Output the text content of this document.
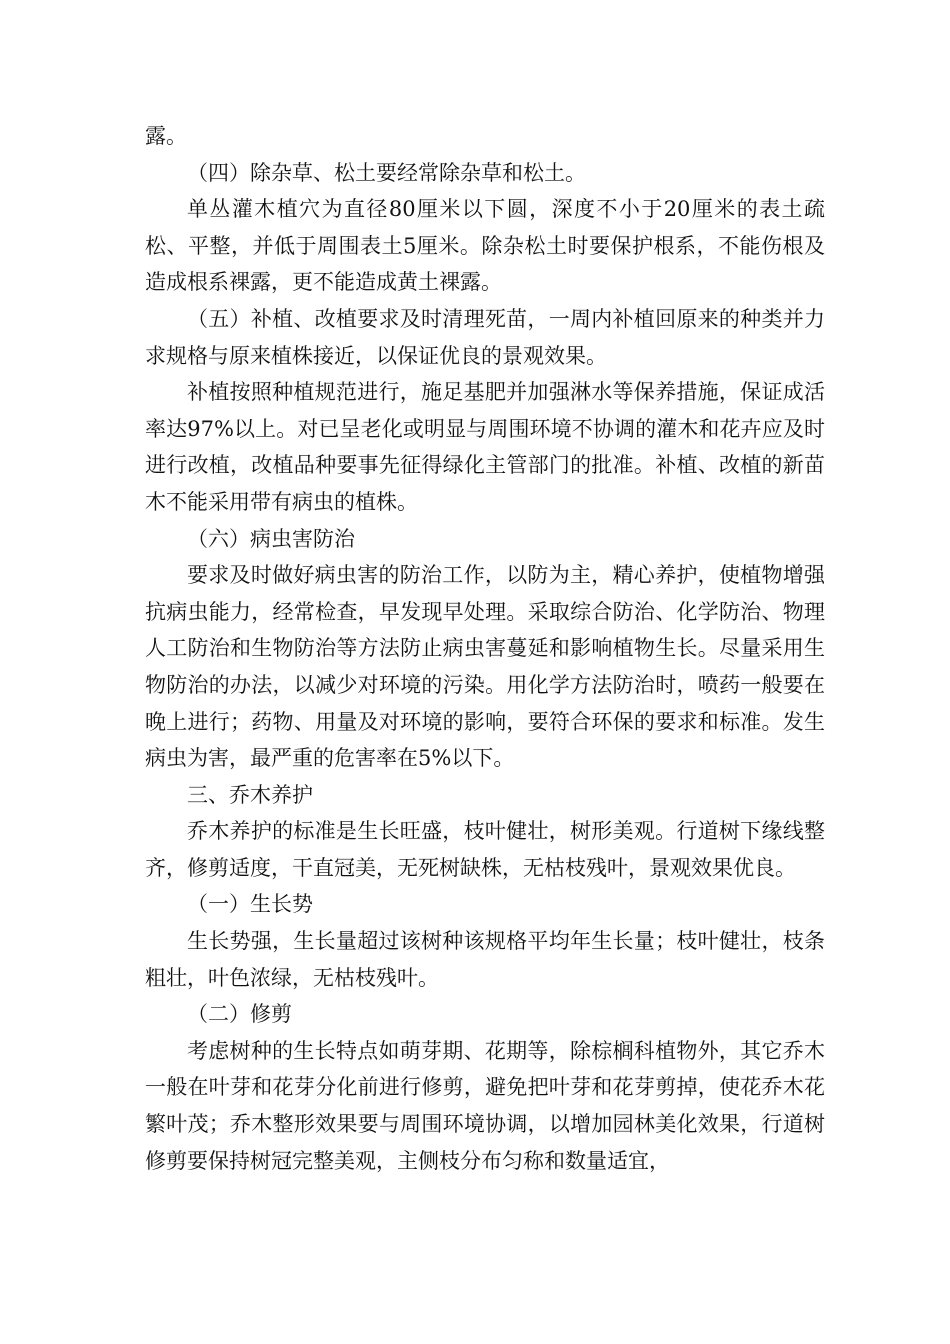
露。

（四）除杂草、松土要经常除杂草和松土。

单丛灌木植穴为直径80厘米以下圆，深度不小于20厘米的表土疏松、平整，并低于周围表土5厘米。除杂松土时要保护根系，不能伤根及造成根系裸露，更不能造成黄土裸露。

（五）补植、改植要求及时清理死苗，一周内补植回原来的种类并力求规格与原来植株接近，以保证优良的景观效果。

补植按照种植规范进行，施足基肥并加强淋水等保养措施，保证成活率达97%以上。对已呈老化或明显与周围环境不协调的灌木和花卉应及时进行改植，改植品种要事先征得绿化主管部门的批准。补植、改植的新苗木不能采用带有病虫的植株。

（六）病虫害防治

要求及时做好病虫害的防治工作，以防为主，精心养护，使植物增强抗病虫能力，经常检查，早发现早处理。采取综合防治、化学防治、物理人工防治和生物防治等方法防止病虫害蔓延和影响植物生长。尽量采用生物防治的办法，以减少对环境的污染。用化学方法防治时，喷药一般要在晚上进行；药物、用量及对环境的影响，要符合环保的要求和标准。发生病虫为害，最严重的危害率在5%以下。

三、乔木养护

乔木养护的标准是生长旺盛，枝叶健壮，树形美观。行道树下缘线整齐，修剪适度，干直冠美，无死树缺株，无枯枝残叶，景观效果优良。

（一）生长势

生长势强，生长量超过该树种该规格平均年生长量；枝叶健壮，枝条粗壮，叶色浓绿，无枯枝残叶。

（二）修剪

考虑树种的生长特点如萌芽期、花期等，除棕榈科植物外，其它乔木一般在叶芽和花芽分化前进行修剪，避免把叶芽和花芽剪掉，使花乔木花繁叶茂；乔木整形效果要与周围环境协调，以增加园林美化效果，行道树修剪要保持树冠完整美观，主侧枝分布匀称和数量适宜，
